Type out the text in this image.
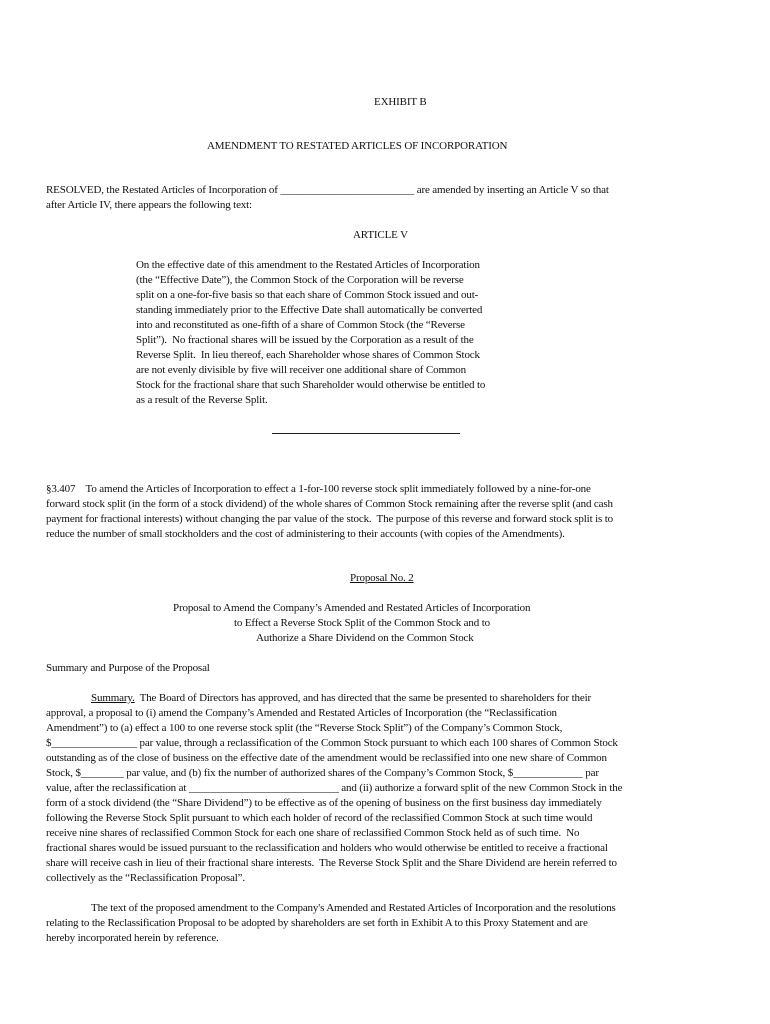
EXHIBIT B
AMENDMENT TO RESTATED ARTICLES OF INCORPORATION
RESOLVED, the Restated Articles of Incorporation of _________________________ are amended by inserting an Article V so that
after Article IV, there appears the following text:
ARTICLE V
On the effective date of this amendment to the Restated Articles of Incorporation
(the “Effective Date”), the Common Stock of the Corporation will be reverse
split on a one-for-five basis so that each share of Common Stock issued and out-
standing immediately prior to the Effective Date shall automatically be converted
into and reconstituted as one-fifth of a share of Common Stock (the “Reverse
Split”).  No fractional shares will be issued by the Corporation as a result of the
Reverse Split.  In lieu thereof, each Shareholder whose shares of Common Stock
are not evenly divisible by five will receiver one additional share of Common
Stock for the fractional share that such Shareholder would otherwise be entitled to
as a result of the Reverse Split.
§3.407    To amend the Articles of Incorporation to effect a 1-for-100 reverse stock split immediately followed by a nine-for-one
forward stock split (in the form of a stock dividend) of the whole shares of Common Stock remaining after the reverse split (and cash
payment for fractional interests) without changing the par value of the stock.  The purpose of this reverse and forward stock split is to
reduce the number of small stockholders and the cost of administering to their accounts (with copies of the Amendments).
Proposal No. 2
Proposal to Amend the Company’s Amended and Restated Articles of Incorporation
to Effect a Reverse Stock Split of the Common Stock and to
Authorize a Share Dividend on the Common Stock
Summary and Purpose of the Proposal
Summary.  The Board of Directors has approved, and has directed that the same be presented to shareholders for their
approval, a proposal to (i) amend the Company’s Amended and Restated Articles of Incorporation (the “Reclassification
Amendment”) to (a) effect a 100 to one reverse stock split (the “Reverse Stock Split”) of the Company’s Common Stock,
$________________ par value, through a reclassification of the Common Stock pursuant to which each 100 shares of Common Stock
outstanding as of the close of business on the effective date of the amendment would be reclassified into one new share of Common
Stock, $________ par value, and (b) fix the number of authorized shares of the Company’s Common Stock, $_____________ par
value, after the reclassification at ____________________________ and (ii) authorize a forward split of the new Common Stock in the
form of a stock dividend (the “Share Dividend”) to be effective as of the opening of business on the first business day immediately
following the Reverse Stock Split pursuant to which each holder of record of the reclassified Common Stock at such time would
receive nine shares of reclassified Common Stock for each one share of reclassified Common Stock held as of such time.  No
fractional shares would be issued pursuant to the reclassification and holders who would otherwise be entitled to receive a fractional
share will receive cash in lieu of their fractional share interests.  The Reverse Stock Split and the Share Dividend are herein referred to
collectively as the “Reclassification Proposal”.
The text of the proposed amendment to the Company's Amended and Restated Articles of Incorporation and the resolutions
relating to the Reclassification Proposal to be adopted by shareholders are set forth in Exhibit A to this Proxy Statement and are
hereby incorporated herein by reference.
